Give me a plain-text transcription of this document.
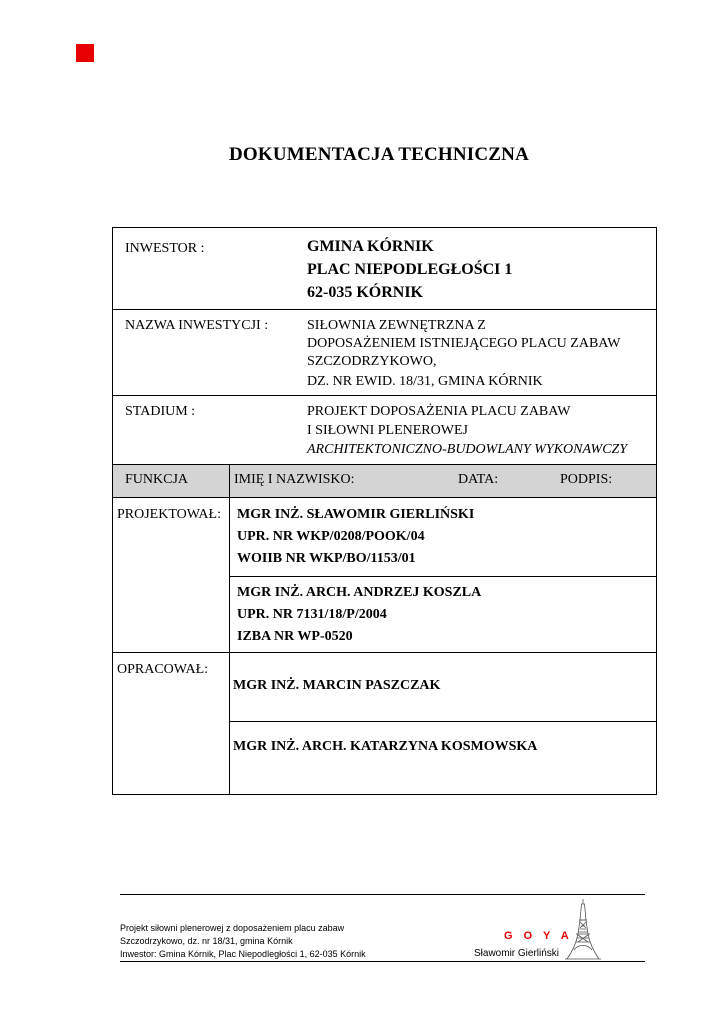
DOKUMENTACJA TECHNICZNA
INWESTOR :	GMINA KÓRNIK
PLAC NIEPODLEGŁOŚCI 1
62-035 KÓRNIK
NAZWA INWESTYCJI :	SIŁOWNIA ZEWNĘTRZNA Z
DOPOSAŻENIEM ISTNIEJĄCEGO PLACU ZABAW
SZCZODRZYKOWO,
DZ. NR EWID. 18/31, GMINA KÓRNIK
STADIUM :	PROJEKT DOPOSAŻENIA PLACU ZABAW
I SIŁOWNI PLENEROWEJ
ARCHITEKTONICZNO-BUDOWLANY WYKONAWCZY
FUNKCJA	IMIĘ I NAZWISKO:	DATA:	PODPIS:
PROJEKTOWAŁ: MGR INŻ. SŁAWOMIR GIERLIŃSKI
UPR. NR WKP/0208/POOK/04
WOIIB NR WKP/BO/1153/01
MGR INŻ. ARCH. ANDRZEJ KOSZLA
UPR. NR 7131/18/P/2004
IZBA NR WP-0520
OPRACOWAŁ:
MGR INŻ. MARCIN PASZCZAK
MGR INŻ. ARCH. KATARZYNA KOSMOWSKA
Projekt siłowni plenerowej z doposażeniem placu zabaw
Szczodrzykowo, dz. nr 18/31, gmina Kórnik
Inwestor: Gmina Kórnik, Plac Niepodległości 1, 62-035 Kórnik
G O Y A
Sławomir Gierliński
